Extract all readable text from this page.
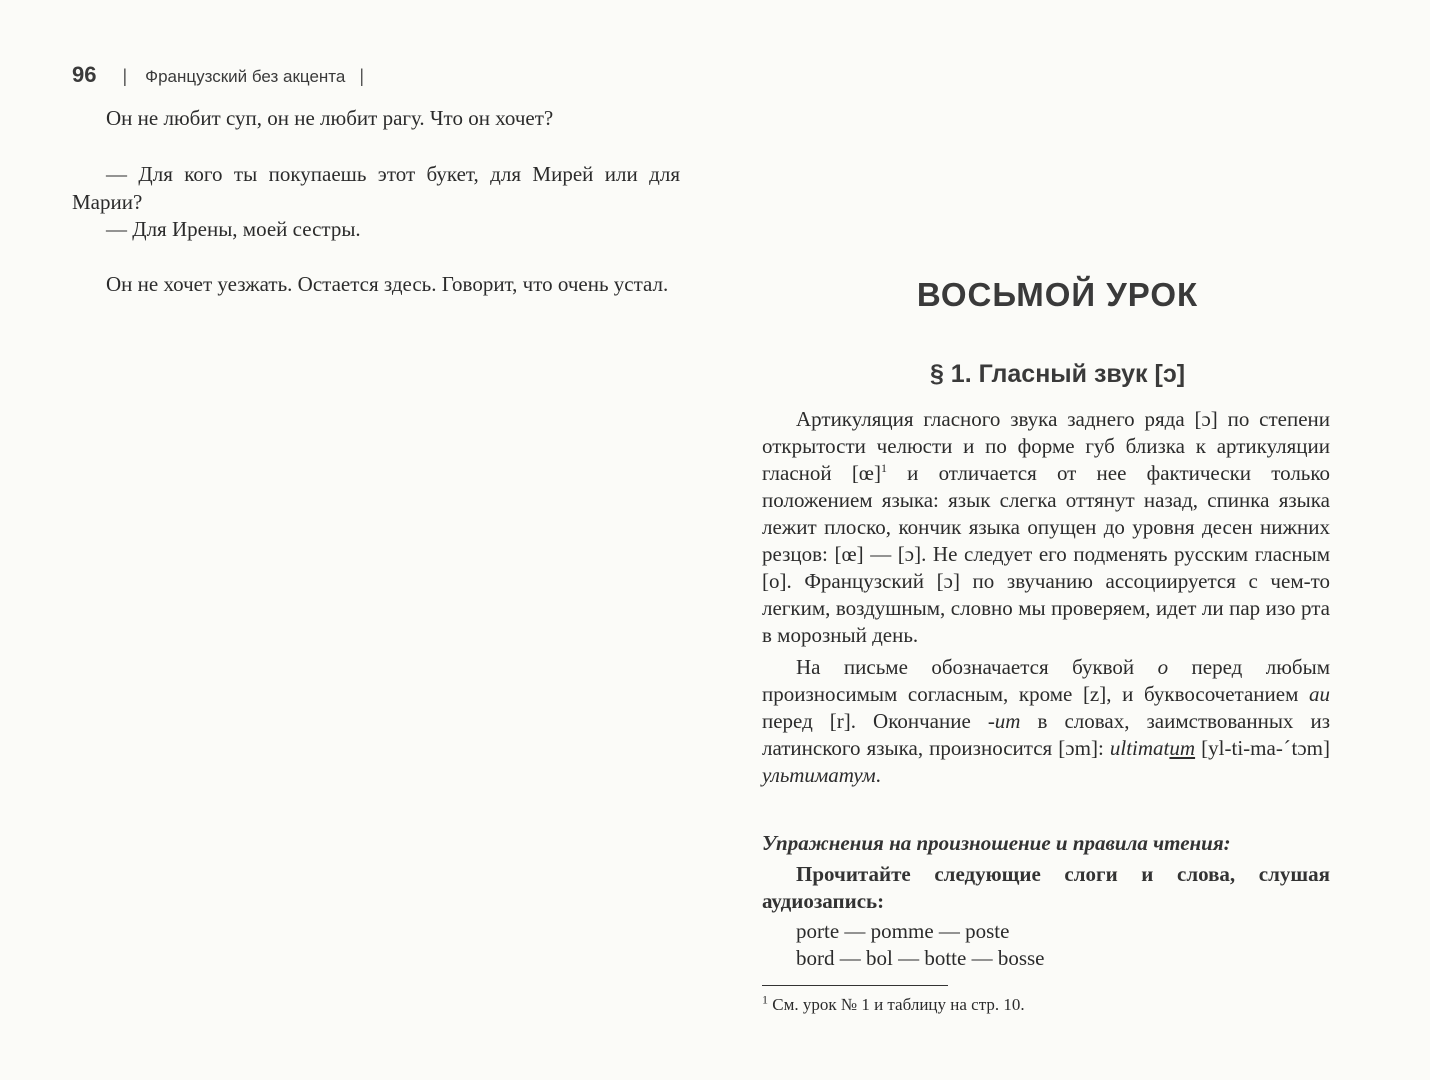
96 | Французский без акцента |

Он не любит суп, он не любит рагу. Что он хочет?

— Для кого ты покупаешь этот букет, для Мирей или для Марии?

— Для Ирены, моей сестры.

Он не хочет уезжать. Остается здесь. Говорит, что очень устал.	ВОСЬМОЙ УРОК
§ 1. Гласный звук [ɔ]

Артикуляция гласного звука заднего ряда [ɔ] по степени открытости челюсти и по форме губ близка к артикуляции гласной [œ]$^1$ и отличается от нее фактически только положением языка: язык слегка оттянут назад, спинка языка лежит плоско, кончик языка опущен до уровня десен нижних резцов: [œ] — [ɔ]. Не следует его подменять русским гласным [o]. Французский [ɔ] по звучанию ассоциируется с чем-то легким, воздушным, словно мы проверяем, идет ли пар изо рта в морозный день.

На письме обозначается буквой o перед любым произносимым согласным, кроме [z], и буквосочетанием au перед [r]. Окончание -um в словах, заимствованных из латинского языка, произносится [ɔm]: ultimatum [yl-ti-ma-ˊtɔm] ультиматум.

Упражнения на произношение и правила чтения:
Прочитайте следующие слоги и слова, слушая аудиозапись:
porte — pomme — poste
bord — bol — botte — bosse
$^1$ См. урок № 1 и таблицу на стр. 10.
